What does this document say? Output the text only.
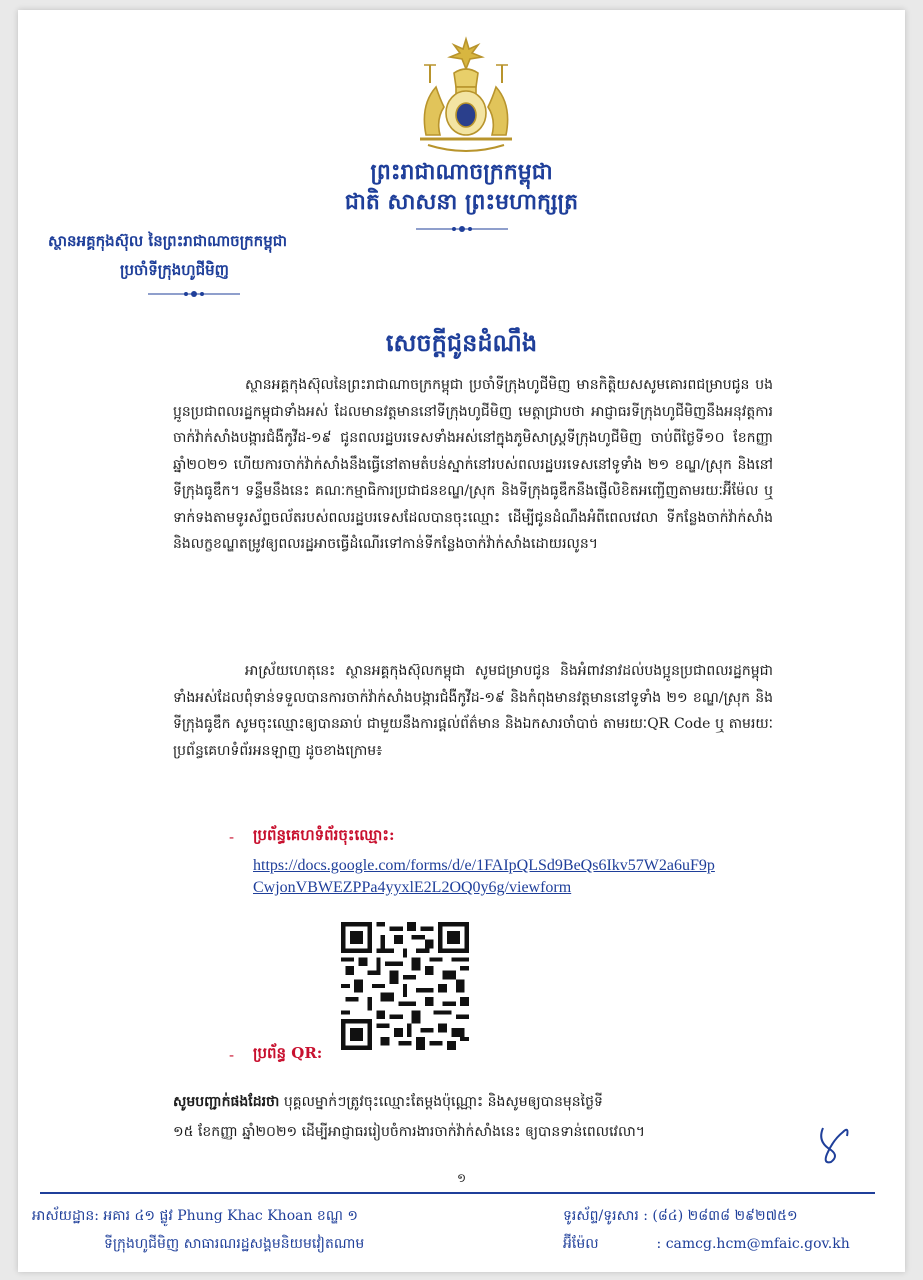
ព្រះរាជាណាចក្រកម្ពុជា
ជាតិ សាសនា ព្រះមហាក្សត្រ
ស្ថានអគ្គកុងស៊ុល នៃព្រះរាជាណាចក្រកម្ពុជា
ប្រចាំទីក្រុងហូជីមិញ
សេចក្តីជូនដំណឹង

ស្ថានអគ្គកុងស៊ុលនៃព្រះរាជាណាចក្រកម្ពុជា ប្រចាំទីក្រុងហូជីមិញ មានកិត្តិយសសូមគោរពជម្រាបជូន បងប្អូនប្រជាពលរដ្ឋកម្ពុជាទាំងអស់ ដែលមានវត្តមាននៅទីក្រុងហូជីមិញ មេត្តាជ្រាបថា អាជ្ញាធរទីក្រុងហូជីមិញនឹងអនុវត្តការចាក់វ៉ាក់សាំងបង្ការជំងឺកូវីដ-១៩ ជូនពលរដ្ឋបរទេសទាំងអស់នៅក្នុងភូមិសាស្ត្រទីក្រុងហូជីមិញ ចាប់ពីថ្ងៃទី១០ ខែកញ្ញា ឆ្នាំ២០២១ ហើយការចាក់វ៉ាក់សាំងនឹងធ្វើនៅតាមតំបន់ស្នាក់នៅរបស់ពលរដ្ឋបរទេសនៅទូទាំង ២១ ខណ្ឌ/ស្រុក និងនៅទីក្រុងធូឌឹក។ ទន្ទឹមនឹងនេះ គណៈកម្មាធិការប្រជាជនខណ្ឌ/ស្រុក និងទីក្រុងធូឌឹកនឹងផ្ញើលិខិតអញ្ជើញតាមរយៈអ៊ីម៉ែល ឬ ទាក់ទងតាមទូរស័ព្ទចល័តរបស់ពលរដ្ឋបរទេសដែលបានចុះឈ្មោះ ដើម្បីជូនដំណឹងអំពីពេលវេលា ទីកន្លែងចាក់វ៉ាក់សាំង និងលក្ខខណ្ឌតម្រូវឲ្យពលរដ្ឋអាចធ្វើដំណើរទៅកាន់ទីកន្លែងចាក់វ៉ាក់សាំងដោយរលូន។

អាស្រ័យហេតុនេះ ស្ថានអគ្គកុងស៊ុលកម្ពុជា សូមជម្រាបជូន និងអំពាវនាវដល់បងប្អូនប្រជាពលរដ្ឋកម្ពុជាទាំងអស់ដែលពុំទាន់ទទួលបានការចាក់វ៉ាក់សាំងបង្ការជំងឺកូវីដ-១៩ និងកំពុងមានវត្តមាននៅទូទាំង ២១ ខណ្ឌ/ស្រុក និងទីក្រុងធូឌឹក សូមចុះឈ្មោះឲ្យបានឆាប់ ជាមួយនឹងការផ្តល់ព័ត៌មាន និងឯកសារចាំបាច់ តាមរយៈQR Code ឬ តាមរយៈប្រព័ន្ធគេហទំព័រអនឡាញ ដូចខាងក្រោម៖

- ប្រព័ន្ធគេហទំព័រចុះឈ្មោះ:
https://docs.google.com/forms/d/e/1FAIpQLSd9BeQs6Ikv57W2a6uF9p
CwjonVBWEZPPa4yyxlE2L2OQ0y6g/viewform
- ប្រព័ន្ធ QR:
សូមបញ្ជាក់ផងដែរថា បុគ្គលម្នាក់ៗត្រូវចុះឈ្មោះតែម្តងប៉ុណ្ណោះ និងសូមឲ្យបានមុនថ្ងៃទី
១៥ ខែកញ្ញា ឆ្នាំ២០២១ ដើម្បីអាជ្ញាធររៀបចំការងារចាក់វ៉ាក់សាំងនេះ ឲ្យបានទាន់ពេលវេលា។
១
អាស័យដ្ឋាន: អគារ ៤១ ផ្លូវ Phung Khac Khoan ខណ្ឌ ១
ទីក្រុងហូជីមិញ សាធារណរដ្ឋសង្គមនិយមវៀតណាម
ទូរស័ព្ទ/ទូរសារ : (៨៤) ២៨៣៨ ២៩២៧៥១
អ៊ីម៉ែល	: camcg.hcm@mfaic.gov.kh
